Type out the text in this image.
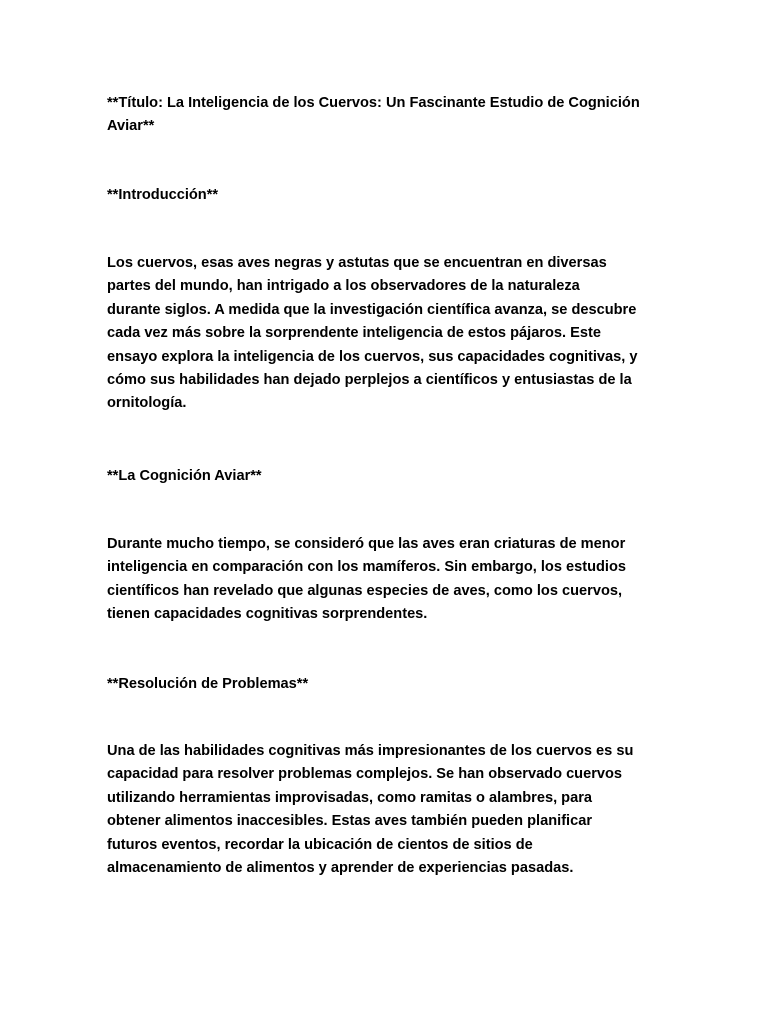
**Título: La Inteligencia de los Cuervos: Un Fascinante Estudio de Cognición
Aviar**

**Introducción**

Los cuervos, esas aves negras y astutas que se encuentran en diversas
partes del mundo, han intrigado a los observadores de la naturaleza
durante siglos. A medida que la investigación científica avanza, se descubre
cada vez más sobre la sorprendente inteligencia de estos pájaros. Este
ensayo explora la inteligencia de los cuervos, sus capacidades cognitivas, y
cómo sus habilidades han dejado perplejos a científicos y entusiastas de la
ornitología.

**La Cognición Aviar**

Durante mucho tiempo, se consideró que las aves eran criaturas de menor
inteligencia en comparación con los mamíferos. Sin embargo, los estudios
científicos han revelado que algunas especies de aves, como los cuervos,
tienen capacidades cognitivas sorprendentes.

**Resolución de Problemas**

Una de las habilidades cognitivas más impresionantes de los cuervos es su
capacidad para resolver problemas complejos. Se han observado cuervos
utilizando herramientas improvisadas, como ramitas o alambres, para
obtener alimentos inaccesibles. Estas aves también pueden planificar
futuros eventos, recordar la ubicación de cientos de sitios de
almacenamiento de alimentos y aprender de experiencias pasadas.
